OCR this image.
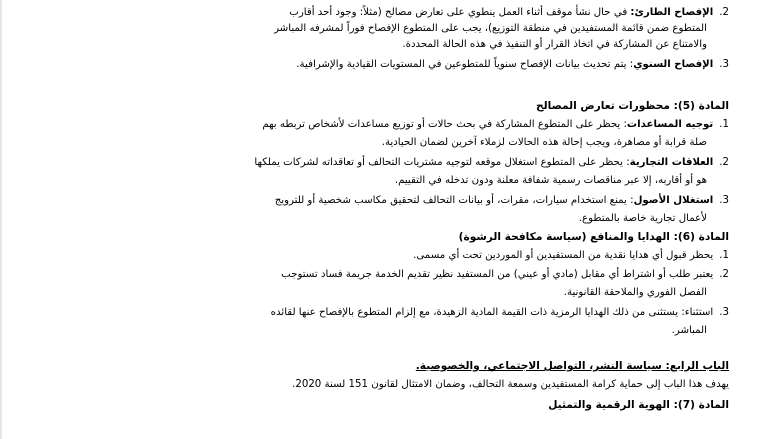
2.الإفصاح الطارئ: في حال نشأ موقف أثناء العمل ينطوي على تعارض مصالح (مثلاً: وجود أحد أقارب
المتطوع ضمن قائمة المستفيدين في منطقة التوزيع)، يجب على المتطوع الإفصاح فوراً لمشرفه المباشر
والامتناع عن المشاركة في اتخاذ القرار أو التنفيذ في هذه الحالة المحددة.
3.الإفصاح السنوي: يتم تحديث بيانات الإفصاح سنوياً للمتطوعين في المستويات القيادية والإشرافية.
المادة (5): محظورات تعارض المصالح
1.توجيه المساعدات: يحظر على المتطوع المشاركة في بحث حالات أو توزيع مساعدات لأشخاص تربطه بهم
صلة قرابة أو مصاهرة، ويجب إحالة هذه الحالات لزملاء آخرين لضمان الحيادية.
2.العلاقات التجارية: يحظر على المتطوع استغلال موقعه لتوجيه مشتريات التحالف أو تعاقداته لشركات يملكها
هو أو أقاربه، إلا عبر مناقصات رسمية شفافة معلنة ودون تدخله في التقييم.
3.استغلال الأصول: يمنع استخدام سيارات، مقرات، أو بيانات التحالف لتحقيق مكاسب شخصية أو للترويج
لأعمال تجارية خاصة بالمتطوع.
المادة (6): الهدايا والمنافع (سياسة مكافحة الرشوة)
1.يحظر قبول أي هدايا نقدية من المستفيدين أو الموردين تحت أي مسمى.
2.يعتبر طلب أو اشتراط أي مقابل (مادي أو عيني) من المستفيد نظير تقديم الخدمة جريمة فساد تستوجب
الفصل الفوري والملاحقة القانونية.
3.استثناء: يستثنى من ذلك الهدايا الرمزية ذات القيمة المادية الزهيدة، مع إلزام المتطوع بالإفصاح عنها لقائده
المباشر.
الباب الرابع: سياسة النشر، التواصل الاجتماعي، والخصوصية.
يهدف هذا الباب إلى حماية كرامة المستفيدين وسمعة التحالف، وضمان الامتثال لقانون 151 لسنة 2020.
المادة (7): الهوية الرقمية والتمثيل
